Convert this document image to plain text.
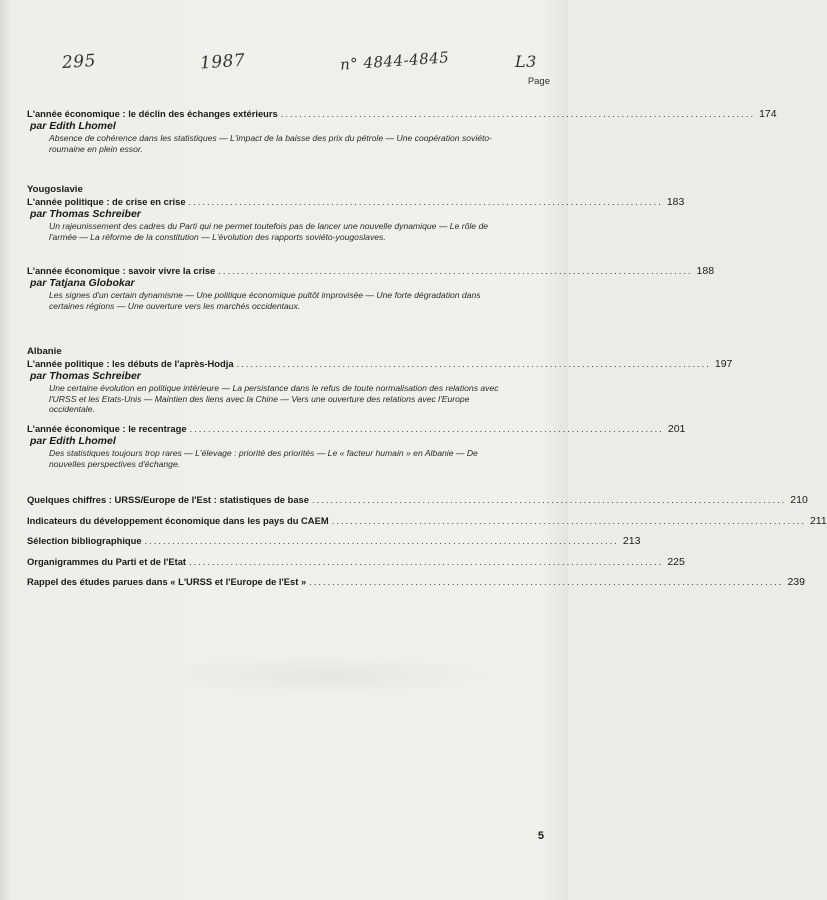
295	1987	n° 4844-4845	L3
Page
L'année économique : le déclin des échanges extérieurs ....................................................................................................... 174
par Edith Lhomel
Absence de cohérence dans les statistiques — L'impact de la baisse des prix du pétrole — Une coopération soviéto-roumaine en plein essor.
Yougoslavie
L'année politique : de crise en crise ....................................................................................................... 183
par Thomas Schreiber
Un rajeunissement des cadres du Parti qui ne permet toutefois pas de lancer une nouvelle dynamique — Le rôle de l'armée — La réforme de la constitution — L'évolution des rapports soviéto-yougoslaves.
L'année économique : savoir vivre la crise ....................................................................................................... 188
par Tatjana Globokar
Les signes d'un certain dynamisme — Une politique économique pultôt improvisée — Une forte dégradation dans certaines régions — Une ouverture vers les marchés occidentaux.
Albanie
L'année politique : les débuts de l'après-Hodja ....................................................................................................... 197
par Thomas Schreiber
Une certaine évolution en politique intérieure — La persistance dans le refus de toute normalisation des relations avec l'URSS et les Etats-Unis — Maintien des liens avec la Chine — Vers une ouverture des relations avec l'Europe occidentale.
L'année économique : le recentrage ....................................................................................................... 201
par Edith Lhomel
Des statistiques toujours trop rares — L'élevage : priorité des priorités — Le « facteur humain » en Albanie — De nouvelles perspectives d'échange.
Quelques chiffres : URSS/Europe de l'Est : statistiques de base ....................................................................................................... 210
Indicateurs du développement économique dans les pays du CAEM ....................................................................................................... 211
Sélection bibliographique ....................................................................................................... 213
Organigrammes du Parti et de l'Etat ....................................................................................................... 225
Rappel des études parues dans « L'URSS et l'Europe de l'Est » ....................................................................................................... 239
5
